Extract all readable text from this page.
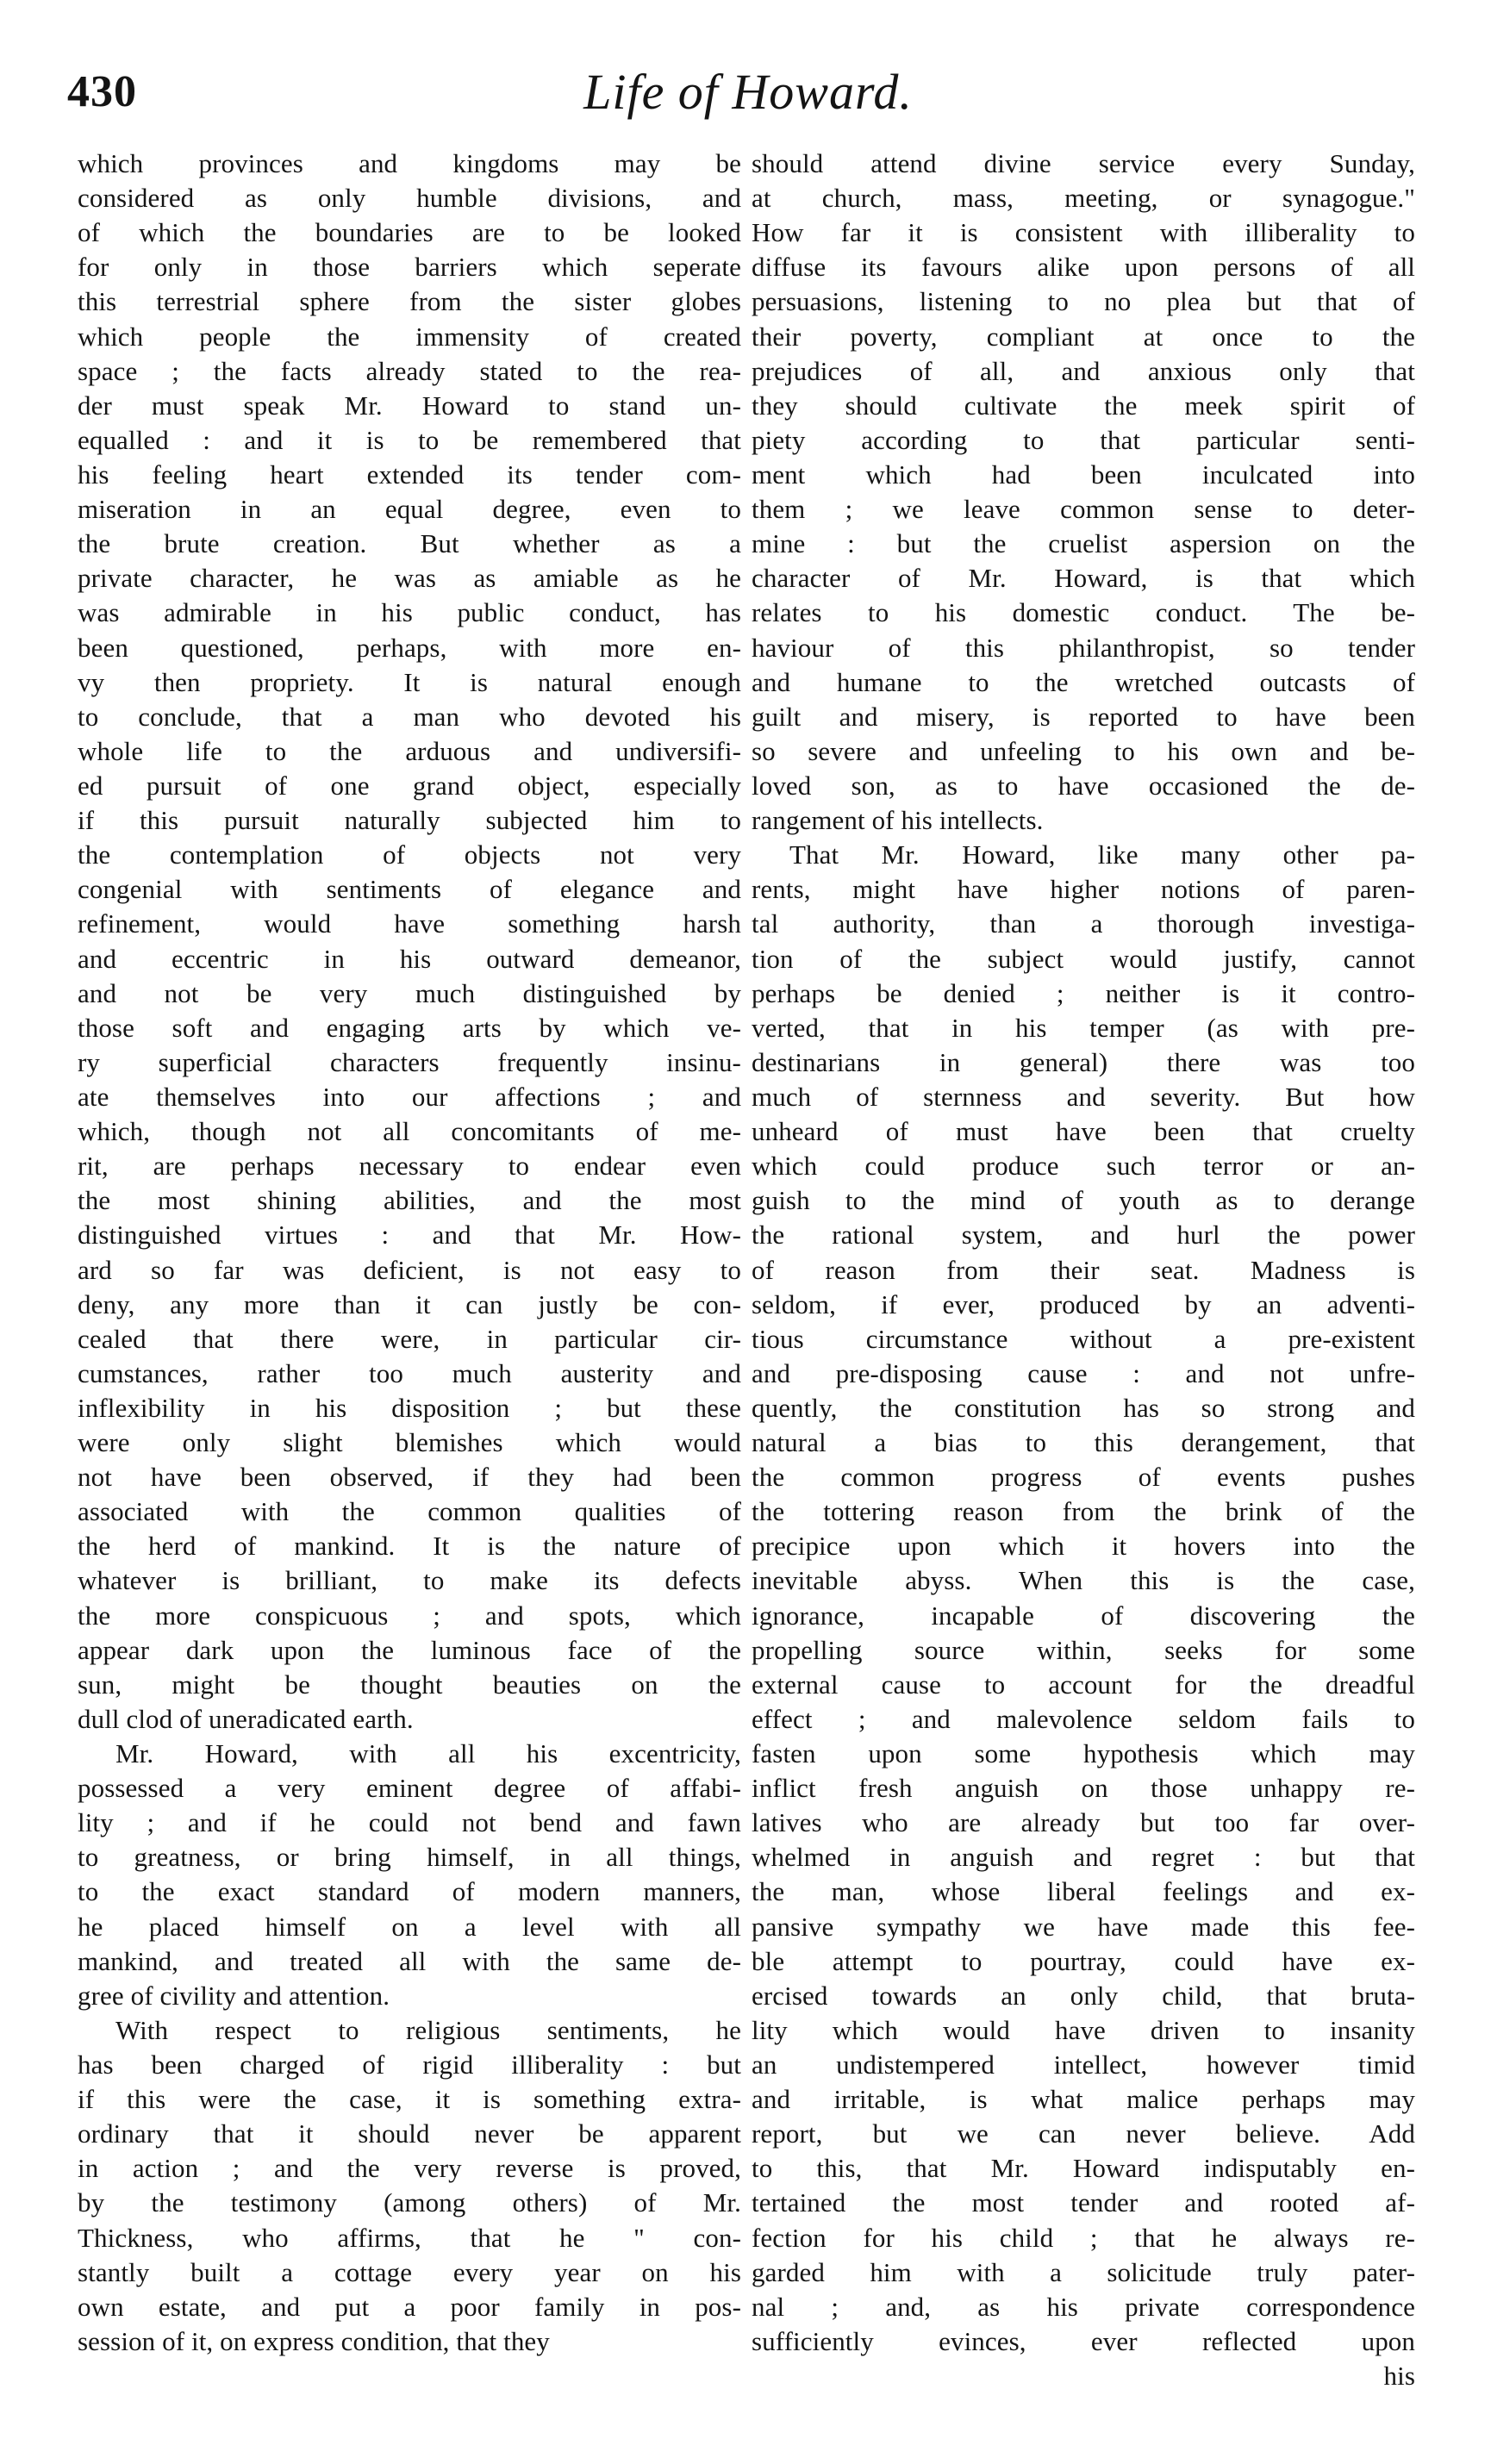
430	Life of Howard.
which provinces and kingdoms may be
considered as only humble divisions, and
of which the boundaries are to be looked
for only in those barriers which seperate
this terrestrial sphere from the sister globes
which people the immensity of created
space ; the facts already stated to the rea-
der must speak Mr. Howard to stand un-
equalled : and it is to be remembered that
his feeling heart extended its tender com-
miseration in an equal degree, even to
the brute creation. But whether as a
private character, he was as amiable as he
was admirable in his public conduct, has
been questioned, perhaps, with more en-
vy then propriety. It is natural enough
to conclude, that a man who devoted his
whole life to the arduous and undiversifi-
ed pursuit of one grand object, especially
if this pursuit naturally subjected him to
the contemplation of objects not very
congenial with sentiments of elegance and
refinement, would have something harsh
and eccentric in his outward demeanor,
and not be very much distinguished by
those soft and engaging arts by which ve-
ry superficial characters frequently insinu-
ate themselves into our affections ; and
which, though not all concomitants of me-
rit, are perhaps necessary to endear even
the most shining abilities, and the most
distinguished virtues : and that Mr. How-
ard so far was deficient, is not easy to
deny, any more than it can justly be con-
cealed that there were, in particular cir-
cumstances, rather too much austerity and
inflexibility in his disposition ; but these
were only slight blemishes which would
not have been observed, if they had been
associated with the common qualities of
the herd of mankind. It is the nature of
whatever is brilliant, to make its defects
the more conspicuous ; and spots, which
appear dark upon the luminous face of the
sun, might be thought beauties on the
dull clod of uneradicated earth.
Mr. Howard, with all his excentricity,
possessed a very eminent degree of affabi-
lity ; and if he could not bend and fawn
to greatness, or bring himself, in all things,
to the exact standard of modern manners,
he placed himself on a level with all
mankind, and treated all with the same de-
gree of civility and attention.
With respect to religious sentiments, he
has been charged of rigid illiberality : but
if this were the case, it is something extra-
ordinary that it should never be apparent
in action ; and the very reverse is proved,
by the testimony (among others) of Mr.
Thickness, who affirms, that he " con-
stantly built a cottage every year on his
own estate, and put a poor family in pos-
session of it, on express condition, that they
should attend divine service every Sunday,
at church, mass, meeting, or synagogue."
How far it is consistent with illiberality to
diffuse its favours alike upon persons of all
persuasions, listening to no plea but that of
their poverty, compliant at once to the
prejudices of all, and anxious only that
they should cultivate the meek spirit of
piety according to that particular senti-
ment which had been inculcated into
them ; we leave common sense to deter-
mine : but the cruelist aspersion on the
character of Mr. Howard, is that which
relates to his domestic conduct. The be-
haviour of this philanthropist, so tender
and humane to the wretched outcasts of
guilt and misery, is reported to have been
so severe and unfeeling to his own and be-
loved son, as to have occasioned the de-
rangement of his intellects.
That Mr. Howard, like many other pa-
rents, might have higher notions of paren-
tal authority, than a thorough investiga-
tion of the subject would justify, cannot
perhaps be denied ; neither is it contro-
verted, that in his temper (as with pre-
destinarians in general) there was too
much of sternness and severity. But how
unheard of must have been that cruelty
which could produce such terror or an-
guish to the mind of youth as to derange
the rational system, and hurl the power
of reason from their seat. Madness is
seldom, if ever, produced by an adventi-
tious circumstance without a pre-existent
and pre-disposing cause : and not unfre-
quently, the constitution has so strong and
natural a bias to this derangement, that
the common progress of events pushes
the tottering reason from the brink of the
precipice upon which it hovers into the
inevitable abyss. When this is the case,
ignorance, incapable of discovering the
propelling source within, seeks for some
external cause to account for the dreadful
effect ; and malevolence seldom fails to
fasten upon some hypothesis which may
inflict fresh anguish on those unhappy re-
latives who are already but too far over-
whelmed in anguish and regret : but that
the man, whose liberal feelings and ex-
pansive sympathy we have made this fee-
ble attempt to pourtray, could have ex-
ercised towards an only child, that bruta-
lity which would have driven to insanity
an undistempered intellect, however timid
and irritable, is what malice perhaps may
report, but we can never believe. Add
to this, that Mr. Howard indisputably en-
tertained the most tender and rooted af-
fection for his child ; that he always re-
garded him with a solicitude truly pater-
nal ; and, as his private correspondence
sufficiently evinces, ever reflected upon
his
